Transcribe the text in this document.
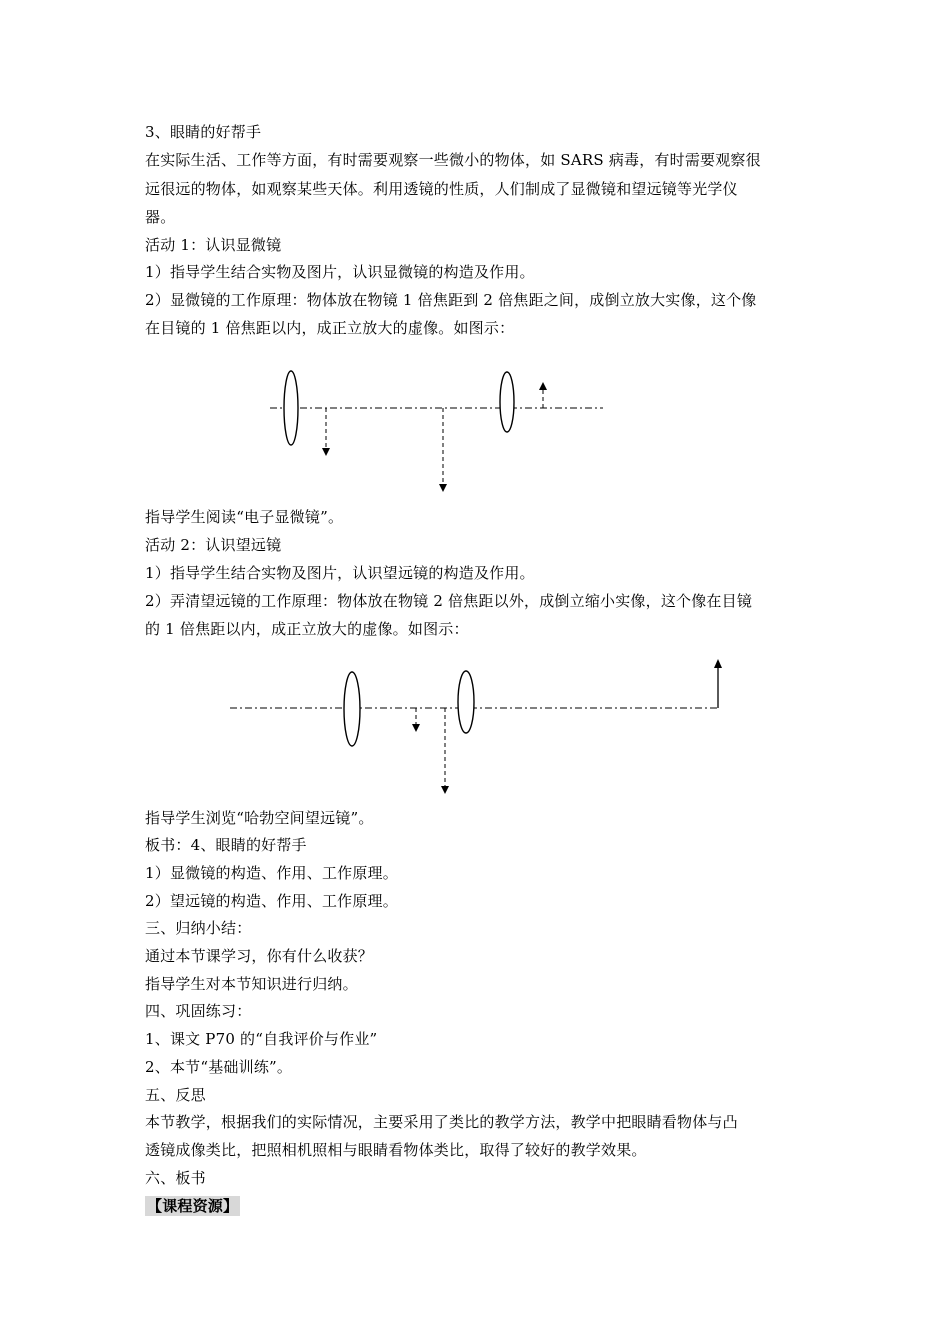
3、眼睛的好帮手
在实际生活、工作等方面，有时需要观察一些微小的物体，如 SARS 病毒，有时需要观察很
远很远的物体，如观察某些天体。利用透镜的性质，人们制成了显微镜和望远镜等光学仪
器。
活动 1：认识显微镜
1）指导学生结合实物及图片，认识显微镜的构造及作用。
2）显微镜的工作原理：物体放在物镜 1 倍焦距到 2 倍焦距之间，成倒立放大实像，这个像
在目镜的 1 倍焦距以内，成正立放大的虚像。如图示：
指导学生阅读“电子显微镜”。
活动 2：认识望远镜
1）指导学生结合实物及图片，认识望远镜的构造及作用。
2）弄清望远镜的工作原理：物体放在物镜 2 倍焦距以外，成倒立缩小实像，这个像在目镜
的 1 倍焦距以内，成正立放大的虚像。如图示：
指导学生浏览“哈勃空间望远镜”。
板书：4、眼睛的好帮手
1）显微镜的构造、作用、工作原理。
2）望远镜的构造、作用、工作原理。
三、归纳小结：
通过本节课学习，你有什么收获？
指导学生对本节知识进行归纳。
四、巩固练习：
1、课文 P70 的“自我评价与作业”
2、本节“基础训练”。
五、反思
本节教学，根据我们的实际情况，主要采用了类比的教学方法，教学中把眼睛看物体与凸
透镜成像类比，把照相机照相与眼睛看物体类比，取得了较好的教学效果。
六、板书
【课程资源】
